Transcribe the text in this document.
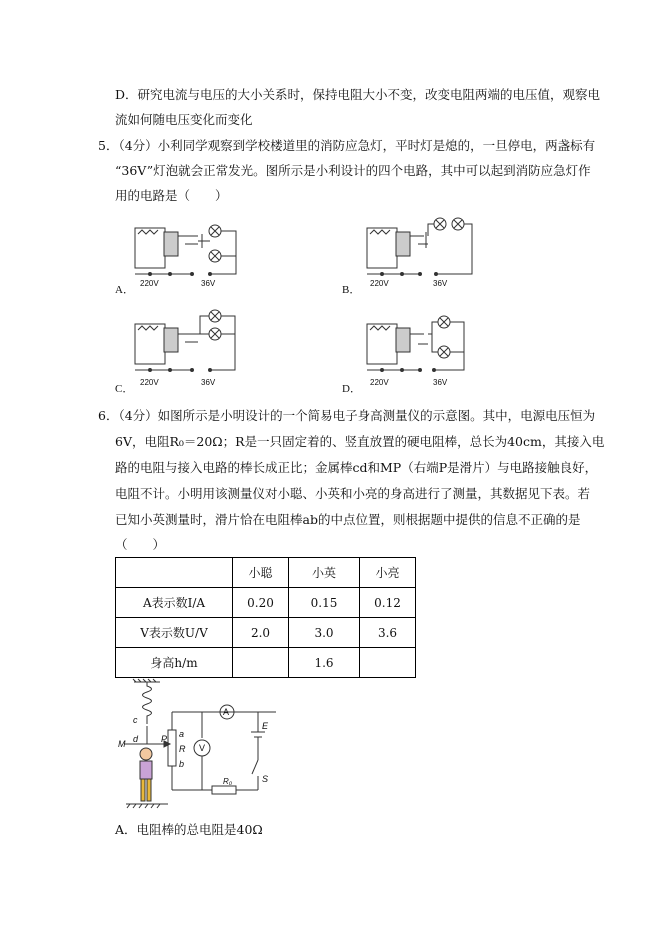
D．研究电流与电压的大小关系时，保持电阻大小不变，改变电阻两端的电压值，观察电
流如何随电压变化而变化
5．（4分）小利同学观察到学校楼道里的消防应急灯，平时灯是熄的，一旦停电，两盏标有
“36V”灯泡就会正常发光。图所示是小利设计的四个电路，其中可以起到消防应急灯作
用的电路是（　　）
A．
220V	36V
B．
220V	36V
C．
220V	36V
D．
220V	36V
6．（4分）如图所示是小明设计的一个简易电子身高测量仪的示意图。其中，电源电压恒为
6V，电阻R₀＝20Ω；R是一只固定着的、竖直放置的硬电阻棒，总长为40cm，其接入电
路的电阻与接入电路的棒长成正比；金属棒cd和MP（右端P是滑片）与电路接触良好，
电阻不计。小明用该测量仪对小聪、小英和小亮的身高进行了测量，其数据见下表。若
已知小英测量时，滑片恰在电阻棒ab的中点位置，则根据题中提供的信息不正确的是
（　　）
	小聪	小英	小亮
A表示数I/A	0.20	0.15	0.12
V表示数U/V	2.0	3.0	3.6
身高h/m		1.6	
c
d
M	P a
R
b
V
A
E
S
R₀
A．电阻棒的总电阻是40Ω
